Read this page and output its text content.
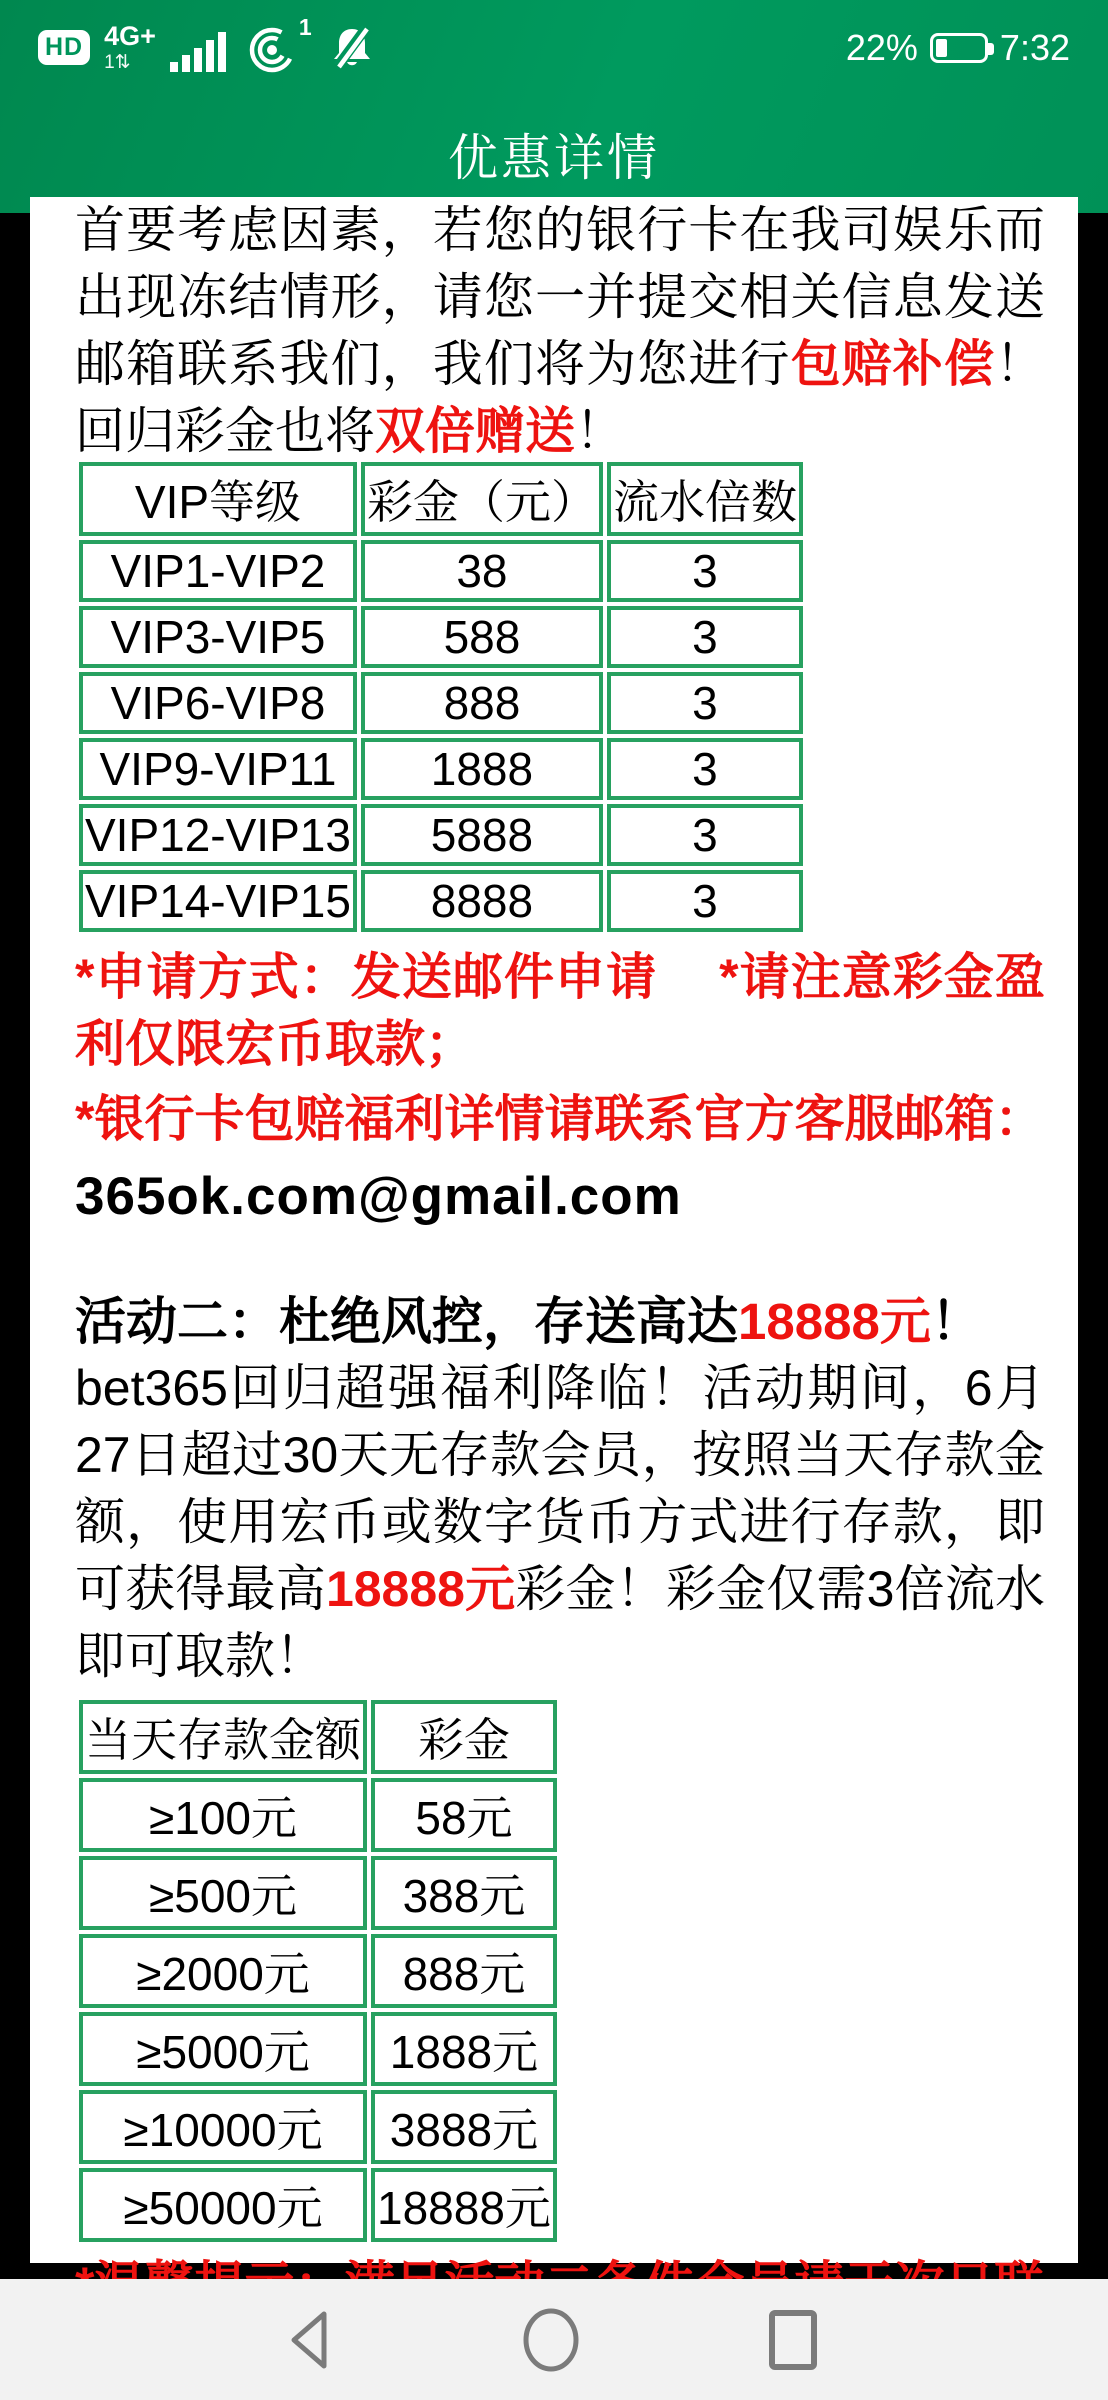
HD 4G+
1⇅
1	22% 7:32
优惠详情

首要考虑因素，若您的银行卡在我司娱乐而出现冻结情形，请您一并提交相关信息发送邮箱联系我们，我们将为您进行包赔补偿！回归彩金也将双倍赠送！

VIP等级	彩金（元）	流水倍数
VIP1-VIP2	38	3
VIP3-VIP5	588	3
VIP6-VIP8	888	3
VIP9-VIP11	1888	3
VIP12-VIP13	5888	3
VIP14-VIP15	8888	3

*申请方式：发送邮件申请 *请注意彩金盈利仅限宏币取款；

*银行卡包赔福利详情请联系官方客服邮箱：

365ok.com@gmail.com

活动二：杜绝风控，存送高达18888元！

bet365回归超强福利降临！活动期间，6月27日超过30天无存款会员，按照当天存款金额，使用宏币或数字货币方式进行存款，即可获得最高18888元彩金！彩金仅需3倍流水即可取款！

当天存款金额	彩金
≥100元	58元
≥500元	388元
≥2000元	888元
≥5000元	1888元
≥10000元	3888元
≥50000元	18888元
